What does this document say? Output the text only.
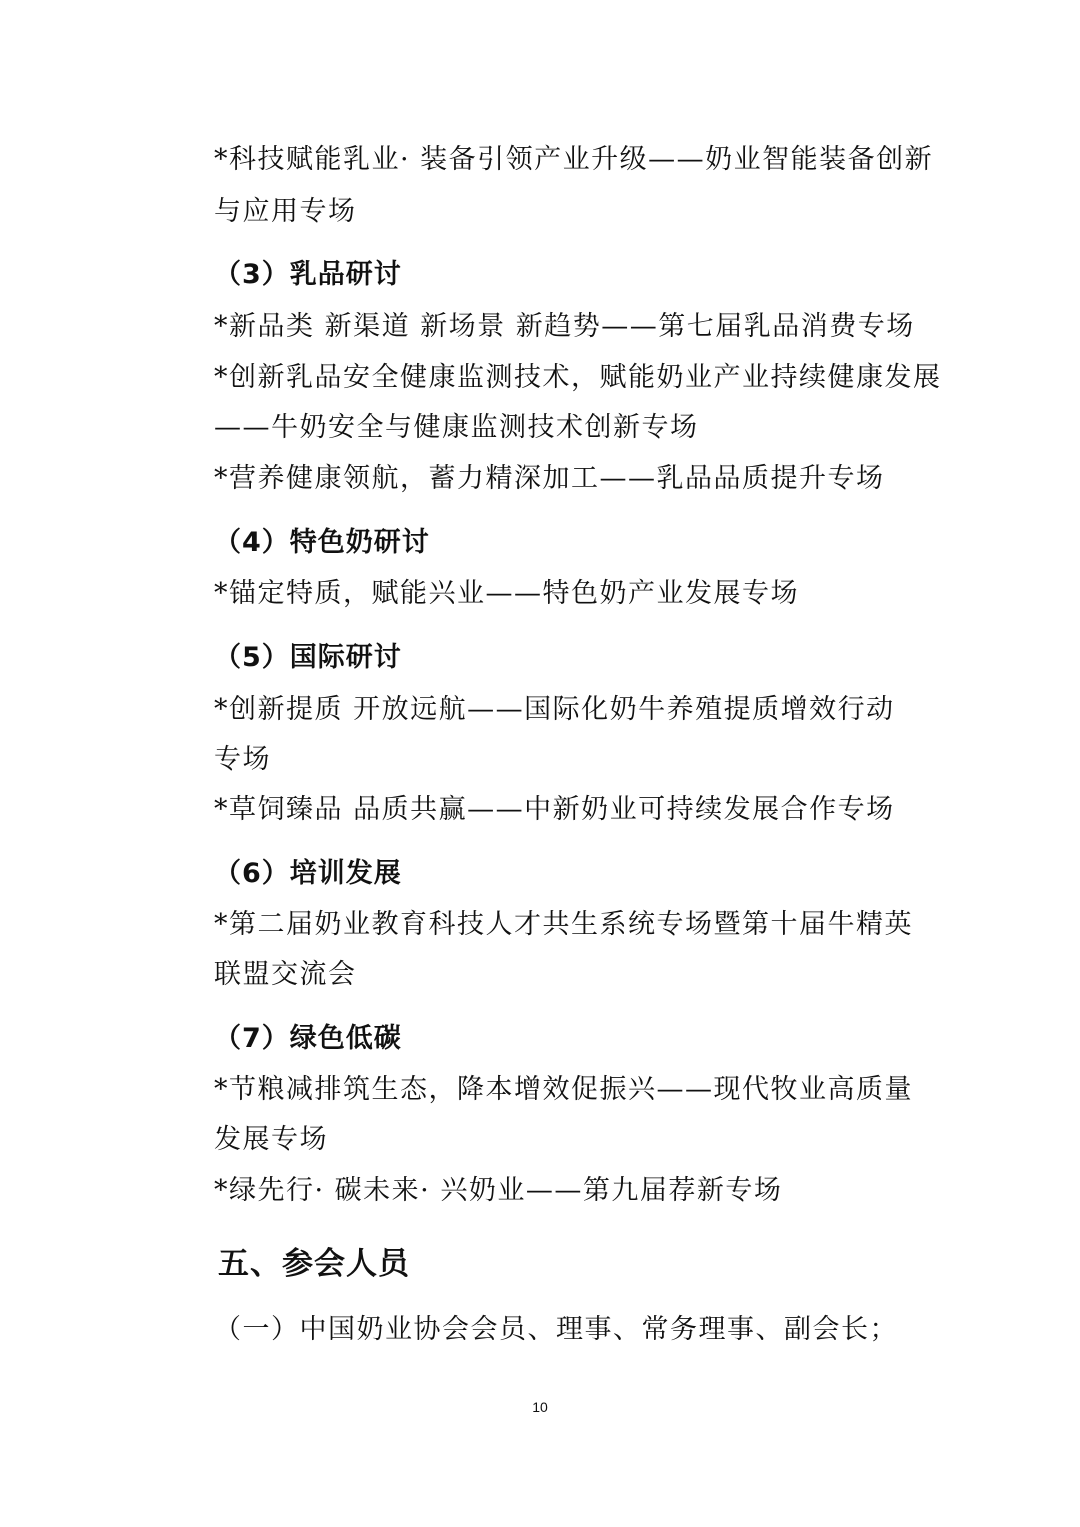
*科技赋能乳业· 装备引领产业升级——奶业智能装备创新
与应用专场
（3）乳品研讨
*新品类 新渠道 新场景 新趋势——第七届乳品消费专场
*创新乳品安全健康监测技术，赋能奶业产业持续健康发展
——牛奶安全与健康监测技术创新专场
*营养健康领航，蓄力精深加工——乳品品质提升专场
（4）特色奶研讨
*锚定特质，赋能兴业——特色奶产业发展专场
（5）国际研讨
*创新提质 开放远航——国际化奶牛养殖提质增效行动
专场
*草饲臻品 品质共赢——中新奶业可持续发展合作专场
（6）培训发展
*第二届奶业教育科技人才共生系统专场暨第十届牛精英
联盟交流会
（7）绿色低碳
*节粮减排筑生态，降本增效促振兴——现代牧业高质量
发展专场
*绿先行· 碳未来· 兴奶业——第九届荐新专场
五、参会人员
（一）中国奶业协会会员、理事、常务理事、副会长；
10
